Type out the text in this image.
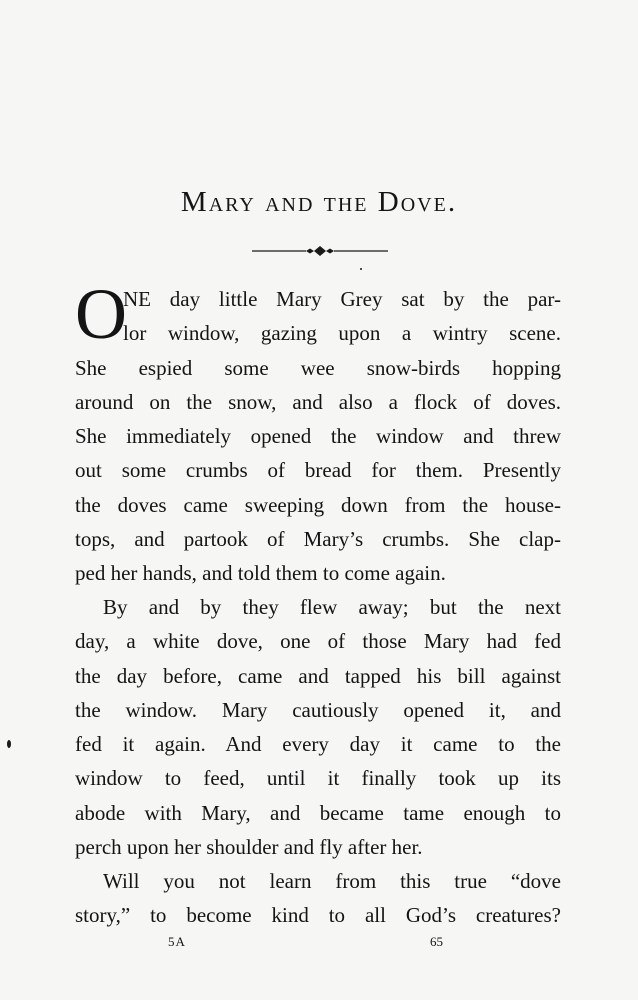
Mary and the Dove.
O
NE day little Mary Grey sat by the par-
lor window, gazing upon a wintry scene.
She espied some wee snow-birds hopping
around on the snow, and also a flock of doves.
She immediately opened the window and threw
out some crumbs of bread for them. Presently
the doves came sweeping down from the house-
tops, and partook of Mary’s crumbs. She clap-
ped her hands, and told them to come again.
By and by they flew away; but the next
day, a white dove, one of those Mary had fed
the day before, came and tapped his bill against
the window. Mary cautiously opened it, and
fed it again. And every day it came to the
window to feed, until it finally took up its
abode with Mary, and became tame enough to
perch upon her shoulder and fly after her.
Will you not learn from this true “dove
story,” to become kind to all God’s creatures?
5A	65
